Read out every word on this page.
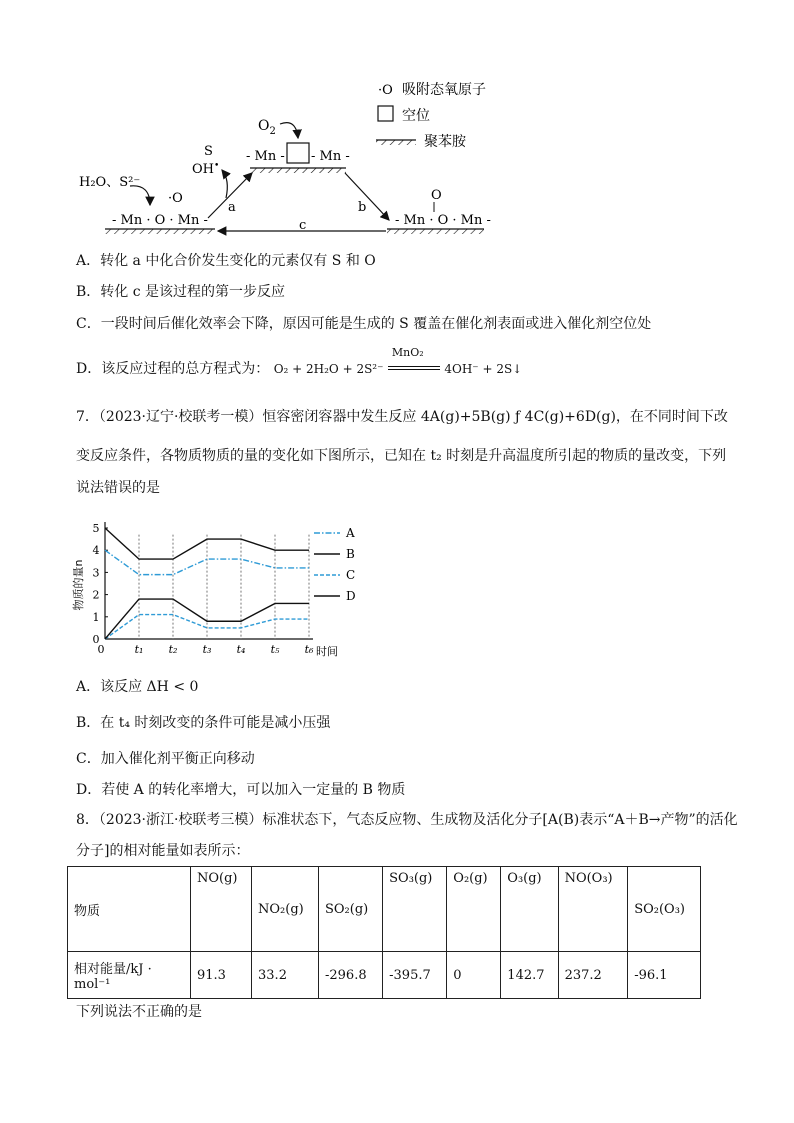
·O 吸附态氧原子
空位
聚苯胺
$O_2$
- Mn - - Mn -
H₂O、S²⁻
·O
- Mn · O · Mn -
S
OH•
O
- Mn · O · Mn -
a	b
c
A．转化 a 中化合价发生变化的元素仅有 S 和 O
B．转化 c 是该过程的第一步反应
C．一段时间后催化效率会下降，原因可能是生成的 S 覆盖在催化剂表面或进入催化剂空位处
D．该反应过程的总方程式为： O₂ + 2H₂O + 2S²⁻
MnO₂
4OH⁻ + 2S↓
7．（2023·辽宁·校联考一模）恒容密闭容器中发生反应 4A(g)+5B(g) ƒ 4C(g)+6D(g)，在不同时间下改
变反应条件，各物质物质的量的变化如下图所示，已知在 t₂ 时刻是升高温度所引起的物质的量改变，下列
说法错误的是
0
1
2
3
4
5
0	t₁ t₂ t₃ t₄ t₅ t₆ 时间
物质的量n
A
B
C
D
A．该反应 ΔH < 0
B．在 t₄ 时刻改变的条件可能是减小压强
C．加入催化剂平衡正向移动
D．若使 A 的转化率增大，可以加入一定量的 B 物质
8．（2023·浙江·校联考三模）标准状态下，气态反应物、生成物及活化分子[A(B)表示“A＋B→产物”的活化
分子]的相对能量如表所示：
物质	NO(g)	NO₂(g)	SO₂(g)	SO₃(g)	O₂(g)	O₃(g)	NO(O₃)	SO₂(O₃)
相对能量/kJ · mol⁻¹	91.3	33.2	-296.8	-395.7	0	142.7	237.2	-96.1
下列说法不正确的是
